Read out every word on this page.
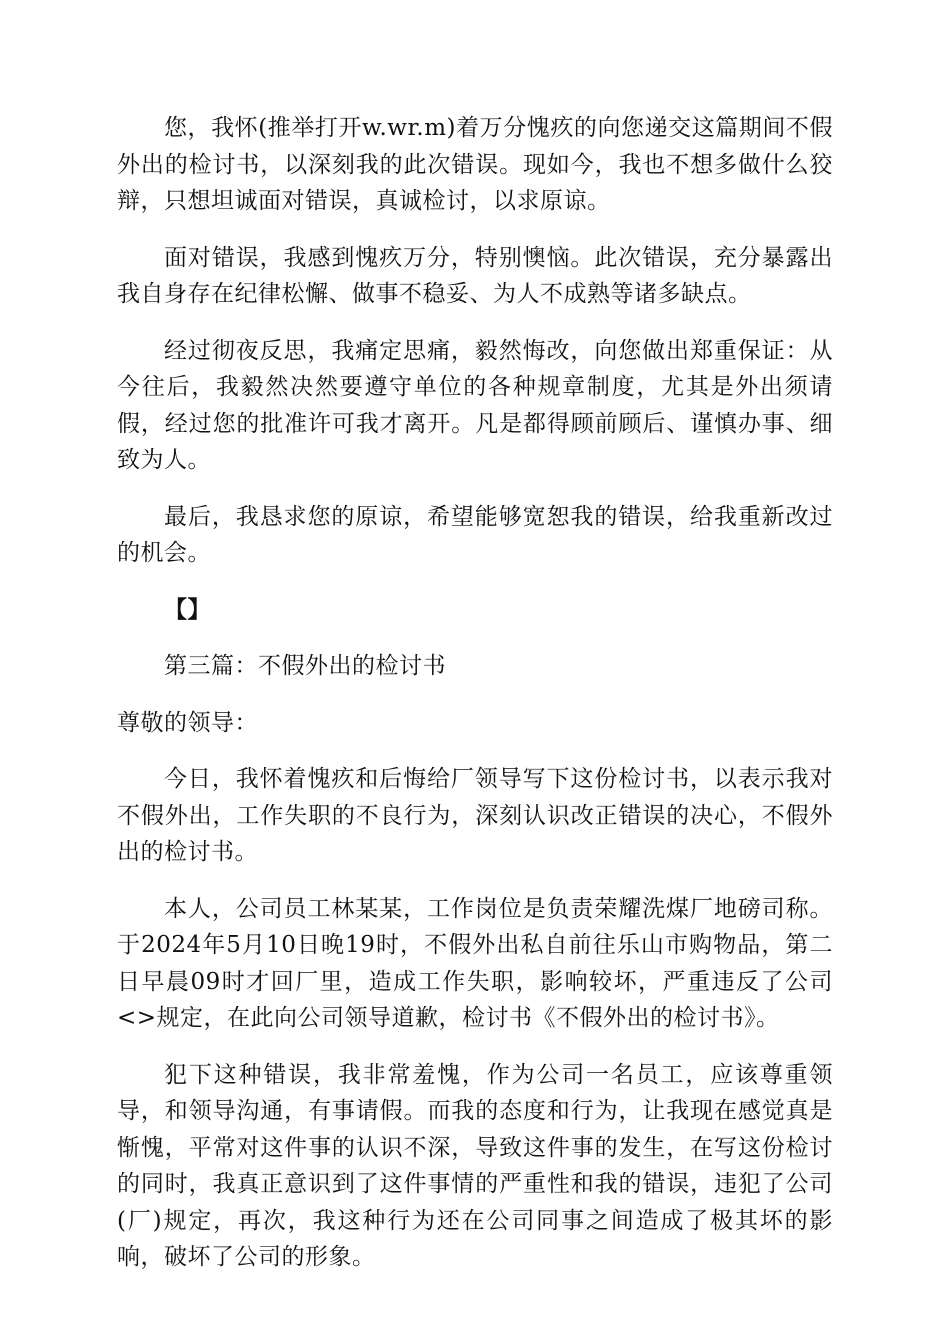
您，我怀(推举打开w.wr.m)着万分愧疚的向您递交这篇期间不假外出的检讨书，以深刻我的此次错误。现如今，我也不想多做什么狡辩，只想坦诚面对错误，真诚检讨，以求原谅。

面对错误，我感到愧疚万分，特别懊恼。此次错误，充分暴露出我自身存在纪律松懈、做事不稳妥、为人不成熟等诸多缺点。

经过彻夜反思，我痛定思痛，毅然悔改，向您做出郑重保证：从今往后，我毅然决然要遵守单位的各种规章制度，尤其是外出须请假，经过您的批准许可我才离开。凡是都得顾前顾后、谨慎办事、细致为人。

最后，我恳求您的原谅，希望能够宽恕我的错误，给我重新改过的机会。

【】

第三篇：不假外出的检讨书

尊敬的领导：

今日，我怀着愧疚和后悔给厂领导写下这份检讨书，以表示我对不假外出，工作失职的不良行为，深刻认识改正错误的决心，不假外出的检讨书。

本人，公司员工林某某，工作岗位是负责荣耀洗煤厂地磅司称。于2024年5月10日晚19时，不假外出私自前往乐山市购物品，第二日早晨09时才回厂里，造成工作失职，影响较坏，严重违反了公司<>规定，在此向公司领导道歉，检讨书《不假外出的检讨书》。

犯下这种错误，我非常羞愧，作为公司一名员工，应该尊重领导，和领导沟通，有事请假。而我的态度和行为，让我现在感觉真是惭愧，平常对这件事的认识不深，导致这件事的发生，在写这份检讨的同时，我真正意识到了这件事情的严重性和我的错误，违犯了公司(厂)规定，再次，我这种行为还在公司同事之间造成了极其坏的影响，破坏了公司的形象。
